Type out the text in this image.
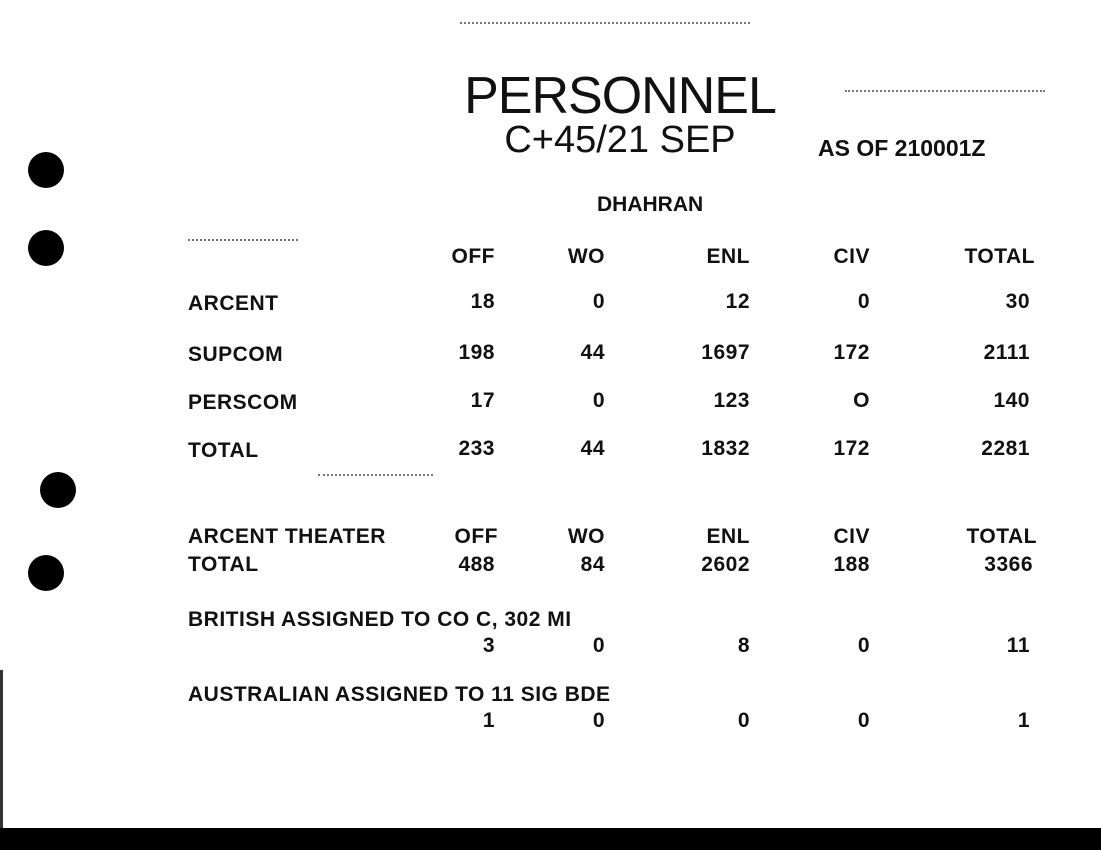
PERSONNEL
C+45/21 SEP	AS OF 210001Z
DHAHRAN
OFF	WO	ENL	CIV	TOTAL
ARCENT	18	0	12	0	30
SUPCOM	198	44	1697	172	2111
PERSCOM	17	0	123	O	140
TOTAL	233	44	1832	172	2281
ARCENT THEATER	OFF	WO	ENL	CIV	TOTAL
TOTAL	488	84	2602	188	3366
BRITISH ASSIGNED TO CO C, 302 MI
3	0	8	0	11
AUSTRALIAN ASSIGNED TO 11 SIG BDE
1	0	0	0	1
